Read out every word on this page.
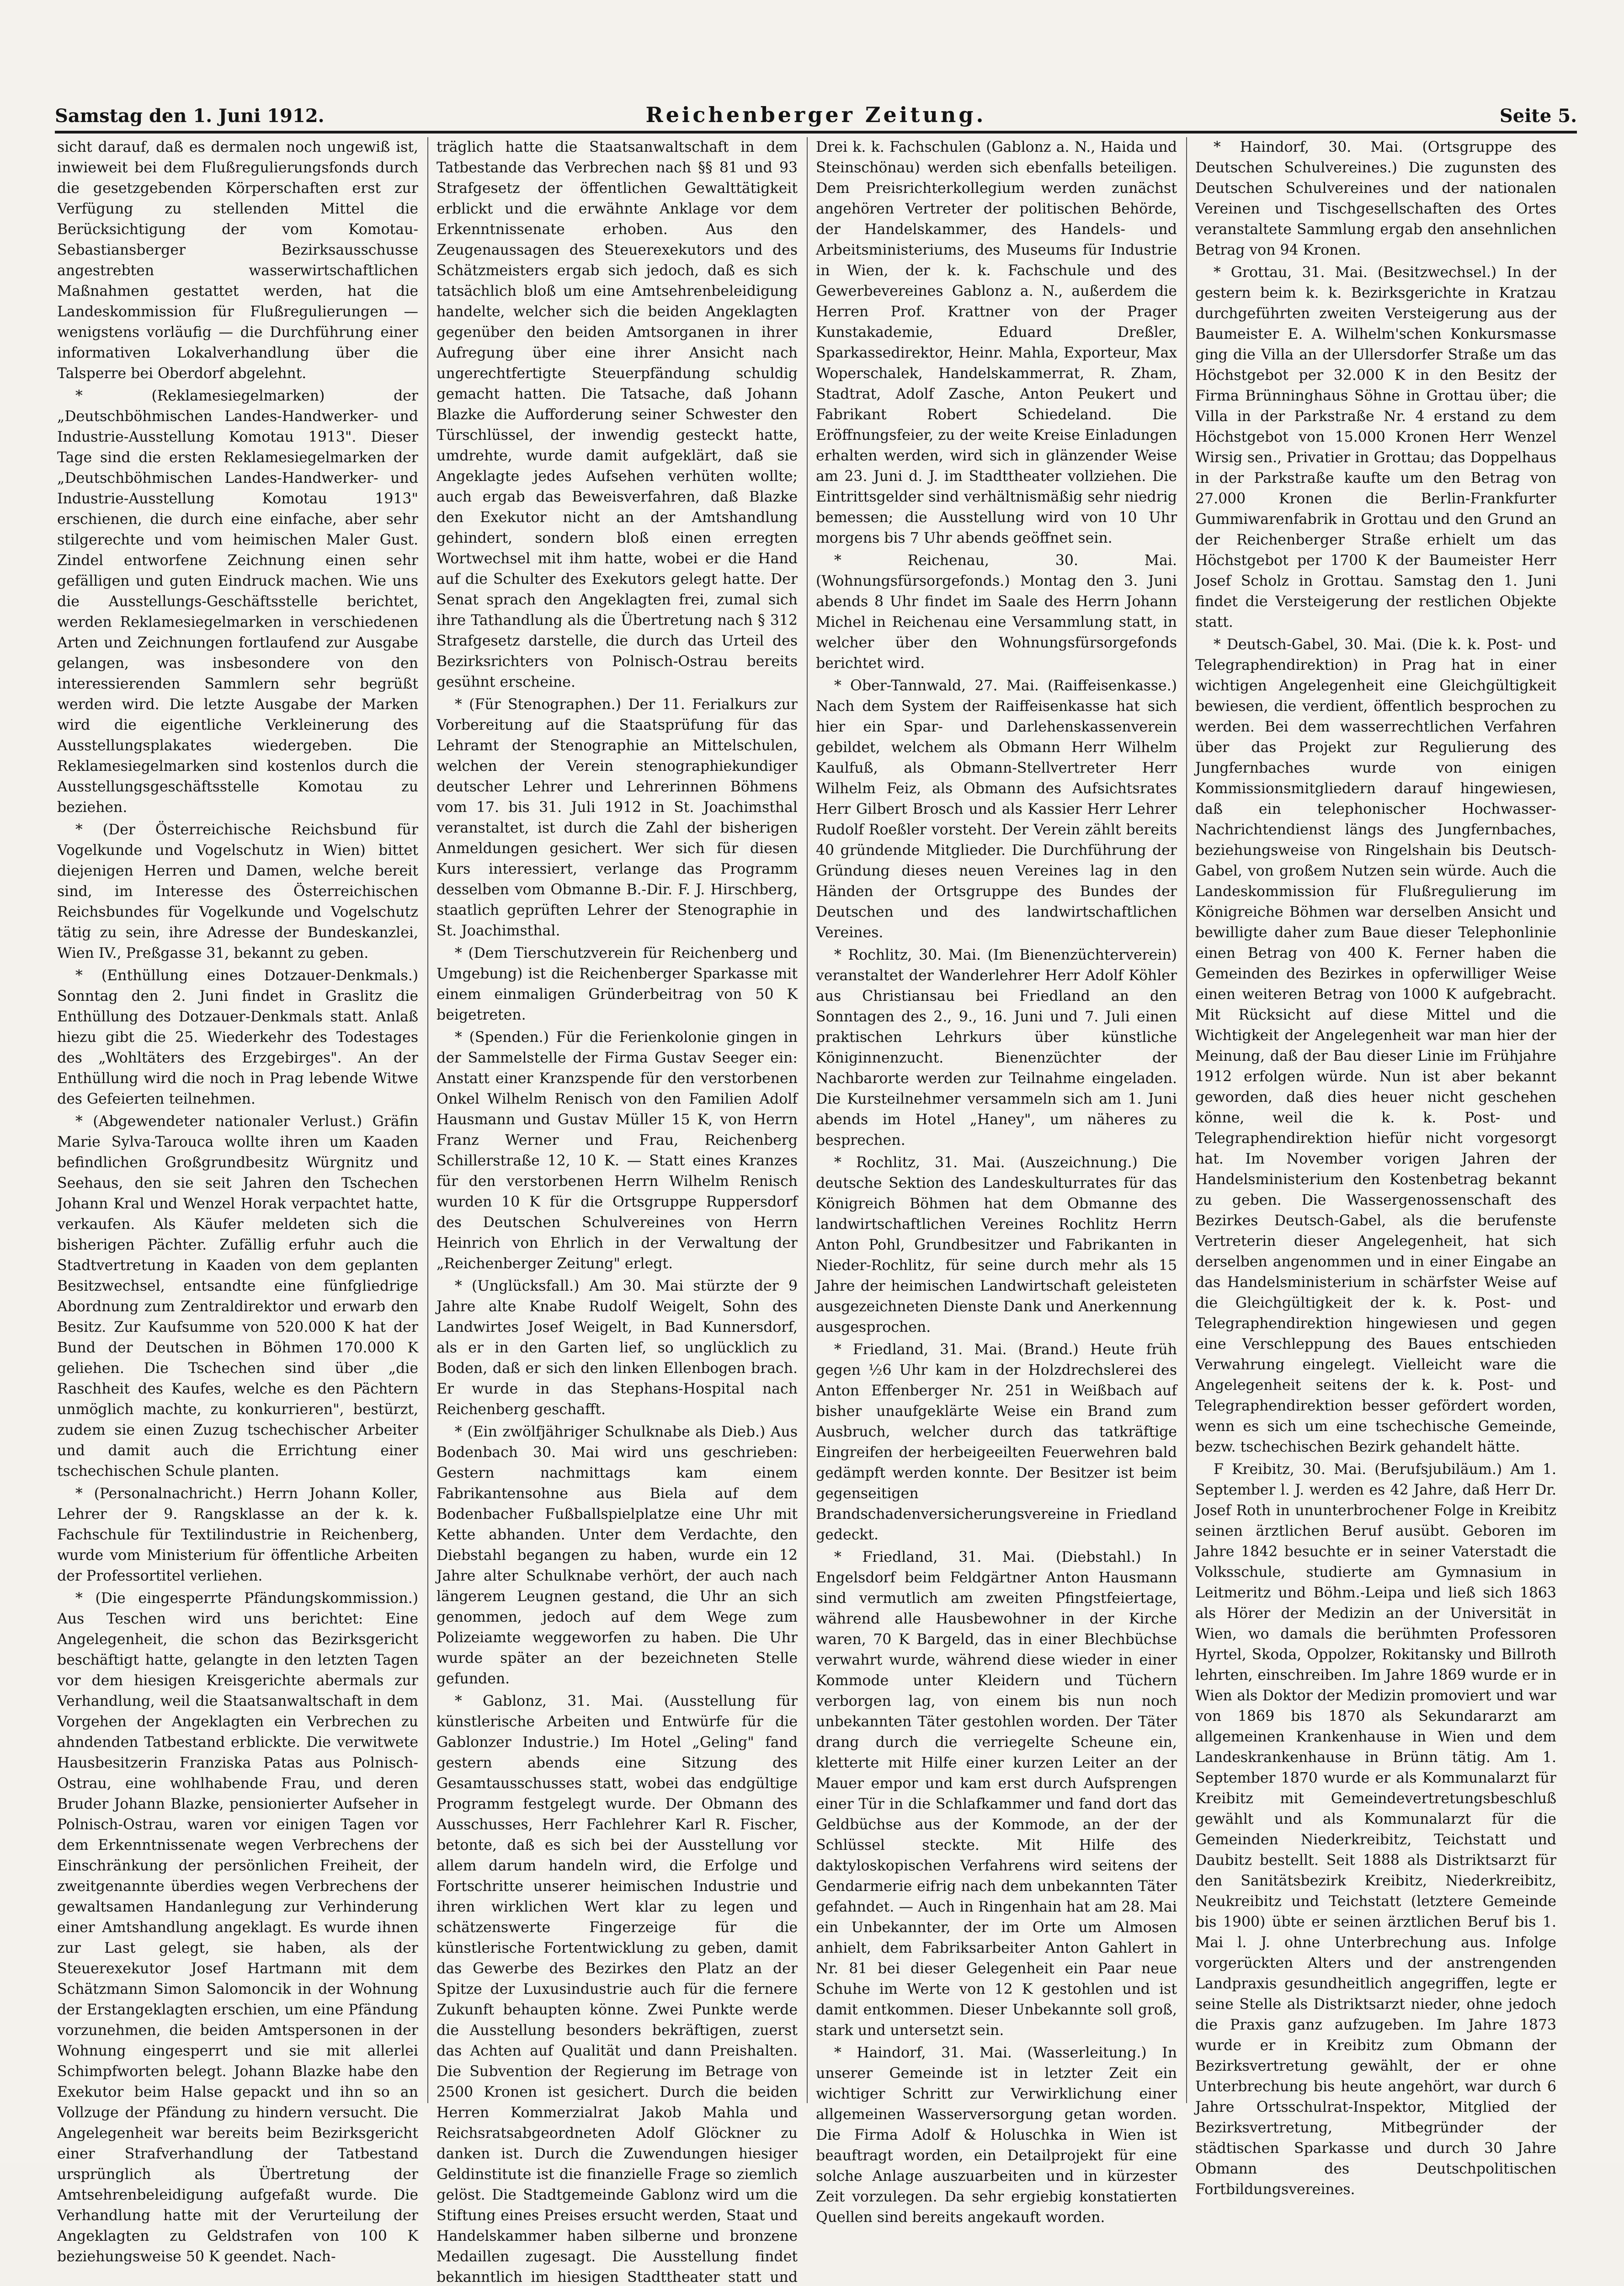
Samstag den 1. Juni 1912.	Reichenberger Zeitung.	Seite 5.

sicht darauf, daß es dermalen noch ungewiß ist, inwieweit bei dem Flußregulierungsfonds durch die gesetzgebenden Körperschaften erst zur Verfügung zu stellenden Mittel die Berücksichtigung der vom Komotau-Sebastiansberger Bezirksausschusse angestrebten wasserwirtschaftlichen Maßnahmen gestattet werden, hat die Landeskommission für Flußregulierungen — wenigstens vorläufig — die Durchführung einer informativen Lokalverhandlung über die Talsperre bei Oberdorf abgelehnt.

* (Reklamesiegelmarken) der „Deutschböhmischen Landes-Handwerker- und Industrie-Ausstellung Komotau 1913". Dieser Tage sind die ersten Reklamesiegelmarken der „Deutschböhmischen Landes-Handwerker- und Industrie-Ausstellung Komotau 1913" erschienen, die durch eine einfache, aber sehr stilgerechte und vom heimischen Maler Gust. Zindel entworfene Zeichnung einen sehr gefälligen und guten Eindruck machen. Wie uns die Ausstellungs-Geschäftsstelle berichtet, werden Reklamesiegelmarken in verschiedenen Arten und Zeichnungen fortlaufend zur Ausgabe gelangen, was insbesondere von den interessierenden Sammlern sehr begrüßt werden wird. Die letzte Ausgabe der Marken wird die eigentliche Verkleinerung des Ausstellungsplakates wiedergeben. Die Reklamesiegelmarken sind kostenlos durch die Ausstellungsgeschäftsstelle Komotau zu beziehen.

* (Der Österreichische Reichsbund für Vogelkunde und Vogelschutz in Wien) bittet diejenigen Herren und Damen, welche bereit sind, im Interesse des Österreichischen Reichsbundes für Vogelkunde und Vogelschutz tätig zu sein, ihre Adresse der Bundeskanzlei, Wien IV., Preßgasse 31, bekannt zu geben.

* (Enthüllung eines Dotzauer-Denkmals.) Sonntag den 2. Juni findet in Graslitz die Enthüllung des Dotzauer-Denkmals statt. Anlaß hiezu gibt die 25. Wiederkehr des Todestages des „Wohltäters des Erzgebirges". An der Enthüllung wird die noch in Prag lebende Witwe des Gefeierten teilnehmen.

* (Abgewendeter nationaler Verlust.) Gräfin Marie Sylva-Tarouca wollte ihren um Kaaden befindlichen Großgrundbesitz Würgnitz und Seehaus, den sie seit Jahren den Tschechen Johann Kral und Wenzel Horak verpachtet hatte, verkaufen. Als Käufer meldeten sich die bisherigen Pächter. Zufällig erfuhr auch die Stadtvertretung in Kaaden von dem geplanten Besitzwechsel, entsandte eine fünfgliedrige Abordnung zum Zentraldirektor und erwarb den Besitz. Zur Kaufsumme von 520.000 K hat der Bund der Deutschen in Böhmen 170.000 K geliehen. Die Tschechen sind über „die Raschheit des Kaufes, welche es den Pächtern unmöglich machte, zu konkurrieren", bestürzt, zudem sie einen Zuzug tschechischer Arbeiter und damit auch die Errichtung einer tschechischen Schule planten.

* (Personalnachricht.) Herrn Johann Koller, Lehrer der 9. Rangsklasse an der k. k. Fachschule für Textilindustrie in Reichenberg, wurde vom Ministerium für öffentliche Arbeiten der Professortitel verliehen.

* (Die eingesperrte Pfändungskommission.) Aus Teschen wird uns berichtet: Eine Angelegenheit, die schon das Bezirksgericht beschäftigt hatte, gelangte in den letzten Tagen vor dem hiesigen Kreisgerichte abermals zur Verhandlung, weil die Staatsanwaltschaft in dem Vorgehen der Angeklagten ein Verbrechen zu ahndenden Tatbestand erblickte. Die verwitwete Hausbesitzerin Franziska Patas aus Polnisch-Ostrau, eine wohlhabende Frau, und deren Bruder Johann Blazke, pensionierter Aufseher in Polnisch-Ostrau, waren vor einigen Tagen vor dem Erkenntnissenate wegen Verbrechens der Einschränkung der persönlichen Freiheit, der zweitgenannte überdies wegen Verbrechens der gewaltsamen Handanlegung zur Verhinderung einer Amtshandlung angeklagt. Es wurde ihnen zur Last gelegt, sie haben, als der Steuerexekutor Josef Hartmann mit dem Schätzmann Simon Salomoncik in der Wohnung der Erstangeklagten erschien, um eine Pfändung vorzunehmen, die beiden Amtspersonen in der Wohnung eingesperrt und sie mit allerlei Schimpfworten belegt. Johann Blazke habe den Exekutor beim Halse gepackt und ihn so an Vollzuge der Pfändung zu hindern versucht. Die Angelegenheit war bereits beim Bezirksgericht einer Strafverhandlung der Tatbestand ursprünglich als Übertretung der Amtsehrenbeleidigung aufgefaßt wurde. Die Verhandlung hatte mit der Verurteilung der Angeklagten zu Geldstrafen von 100 K beziehungsweise 50 K geendet. Nach-

träglich hatte die Staatsanwaltschaft in dem Tatbestande das Verbrechen nach §§ 81 und 93 Strafgesetz der öffentlichen Gewalttätigkeit erblickt und die erwähnte Anklage vor dem Erkenntnissenate erhoben. Aus den Zeugenaussagen des Steuerexekutors und des Schätzmeisters ergab sich jedoch, daß es sich tatsächlich bloß um eine Amtsehrenbeleidigung handelte, welcher sich die beiden Angeklagten gegenüber den beiden Amtsorganen in ihrer Aufregung über eine ihrer Ansicht nach ungerechtfertigte Steuerpfändung schuldig gemacht hatten. Die Tatsache, daß Johann Blazke die Aufforderung seiner Schwester den Türschlüssel, der inwendig gesteckt hatte, umdrehte, wurde damit aufgeklärt, daß sie Angeklagte jedes Aufsehen verhüten wollte; auch ergab das Beweisverfahren, daß Blazke den Exekutor nicht an der Amtshandlung gehindert, sondern bloß einen erregten Wortwechsel mit ihm hatte, wobei er die Hand auf die Schulter des Exekutors gelegt hatte. Der Senat sprach den Angeklagten frei, zumal sich ihre Tathandlung als die Übertretung nach § 312 Strafgesetz darstelle, die durch das Urteil des Bezirksrichters von Polnisch-Ostrau bereits gesühnt erscheine.

* (Für Stenographen.) Der 11. Ferialkurs zur Vorbereitung auf die Staatsprüfung für das Lehramt der Stenographie an Mittelschulen, welchen der Verein stenographiekundiger deutscher Lehrer und Lehrerinnen Böhmens vom 17. bis 31. Juli 1912 in St. Joachimsthal veranstaltet, ist durch die Zahl der bisherigen Anmeldungen gesichert. Wer sich für diesen Kurs interessiert, verlange das Programm desselben vom Obmanne B.-Dir. F. J. Hirschberg, staatlich geprüften Lehrer der Stenographie in St. Joachimsthal.

* (Dem Tierschutzverein für Reichenberg und Umgebung) ist die Reichenberger Sparkasse mit einem einmaligen Gründerbeitrag von 50 K beigetreten.

* (Spenden.) Für die Ferienkolonie gingen in der Sammelstelle der Firma Gustav Seeger ein: Anstatt einer Kranzspende für den verstorbenen Onkel Wilhelm Renisch von den Familien Adolf Hausmann und Gustav Müller 15 K, von Herrn Franz Werner und Frau, Reichenberg Schillerstraße 12, 10 K. — Statt eines Kranzes für den verstorbenen Herrn Wilhelm Renisch wurden 10 K für die Ortsgruppe Ruppersdorf des Deutschen Schulvereines von Herrn Heinrich von Ehrlich in der Verwaltung der „Reichenberger Zeitung" erlegt.

* (Unglücksfall.) Am 30. Mai stürzte der 9 Jahre alte Knabe Rudolf Weigelt, Sohn des Landwirtes Josef Weigelt, in Bad Kunnersdorf, als er in den Garten lief, so unglücklich zu Boden, daß er sich den linken Ellenbogen brach. Er wurde in das Stephans-Hospital nach Reichenberg geschafft.

* (Ein zwölfjähriger Schulknabe als Dieb.) Aus Bodenbach 30. Mai wird uns geschrieben: Gestern nachmittags kam einem Fabrikantensohne aus Biela auf dem Bodenbacher Fußballspielplatze eine Uhr mit Kette abhanden. Unter dem Verdachte, den Diebstahl begangen zu haben, wurde ein 12 Jahre alter Schulknabe verhört, der auch nach längerem Leugnen gestand, die Uhr an sich genommen, jedoch auf dem Wege zum Polizeiamte weggeworfen zu haben. Die Uhr wurde später an der bezeichneten Stelle gefunden.

* Gablonz, 31. Mai. (Ausstellung für künstlerische Arbeiten und Entwürfe für die Gablonzer Industrie.) Im Hotel „Geling" fand gestern abends eine Sitzung des Gesamtausschusses statt, wobei das endgültige Programm festgelegt wurde. Der Obmann des Ausschusses, Herr Fachlehrer Karl R. Fischer, betonte, daß es sich bei der Ausstellung vor allem darum handeln wird, die Erfolge und Fortschritte unserer heimischen Industrie und ihren wirklichen Wert klar zu legen und schätzenswerte Fingerzeige für die künstlerische Fortentwicklung zu geben, damit das Gewerbe des Bezirkes den Platz an der Spitze der Luxusindustrie auch für die fernere Zukunft behaupten könne. Zwei Punkte werde die Ausstellung besonders bekräftigen, zuerst das Achten auf Qualität und dann Preishalten. Die Subvention der Regierung im Betrage von 2500 Kronen ist gesichert. Durch die beiden Herren Kommerzialrat Jakob Mahla und Reichsratsabgeordneten Adolf Glöckner zu danken ist. Durch die Zuwendungen hiesiger Geldinstitute ist die finanzielle Frage so ziemlich gelöst. Die Stadtgemeinde Gablonz wird um die Stiftung eines Preises ersucht werden, Staat und Handelskammer haben silberne und bronzene Medaillen zugesagt. Die Ausstellung findet bekanntlich im hiesigen Stadttheater statt und

Drei k. k. Fachschulen (Gablonz a. N., Haida und Steinschönau) werden sich ebenfalls beteiligen. Dem Preisrichterkollegium werden zunächst angehören Vertreter der politischen Behörde, der Handelskammer, des Handels- und Arbeitsministeriums, des Museums für Industrie in Wien, der k. k. Fachschule und des Gewerbevereines Gablonz a. N., außerdem die Herren Prof. Krattner von der Prager Kunstakademie, Eduard Dreßler, Sparkassedirektor, Heinr. Mahla, Exporteur, Max Woperschalek, Handelskammerrat, R. Zham, Stadtrat, Adolf Zasche, Anton Peukert und Fabrikant Robert Schiedeland. Die Eröffnungsfeier, zu der weite Kreise Einladungen erhalten werden, wird sich in glänzender Weise am 23. Juni d. J. im Stadttheater vollziehen. Die Eintrittsgelder sind verhältnismäßig sehr niedrig bemessen; die Ausstellung wird von 10 Uhr morgens bis 7 Uhr abends geöffnet sein.

* Reichenau, 30. Mai. (Wohnungsfürsorgefonds.) Montag den 3. Juni abends 8 Uhr findet im Saale des Herrn Johann Michel in Reichenau eine Versammlung statt, in welcher über den Wohnungsfürsorgefonds berichtet wird.

* Ober-Tannwald, 27. Mai. (Raiffeisenkasse.) Nach dem System der Raiffeisenkasse hat sich hier ein Spar- und Darlehenskassenverein gebildet, welchem als Obmann Herr Wilhelm Kaulfuß, als Obmann-Stellvertreter Herr Wilhelm Feiz, als Obmann des Aufsichtsrates Herr Gilbert Brosch und als Kassier Herr Lehrer Rudolf Roeßler vorsteht. Der Verein zählt bereits 40 gründende Mitglieder. Die Durchführung der Gründung dieses neuen Vereines lag in den Händen der Ortsgruppe des Bundes der Deutschen und des landwirtschaftlichen Vereines.

* Rochlitz, 30. Mai. (Im Bienenzüchterverein) veranstaltet der Wanderlehrer Herr Adolf Köhler aus Christiansau bei Friedland an den Sonntagen des 2., 9., 16. Juni und 7. Juli einen praktischen Lehrkurs über künstliche Königinnenzucht. Bienenzüchter der Nachbarorte werden zur Teilnahme eingeladen. Die Kursteilnehmer versammeln sich am 1. Juni abends im Hotel „Haney", um näheres zu besprechen.

* Rochlitz, 31. Mai. (Auszeichnung.) Die deutsche Sektion des Landeskulturrates für das Königreich Böhmen hat dem Obmanne des landwirtschaftlichen Vereines Rochlitz Herrn Anton Pohl, Grundbesitzer und Fabrikanten in Nieder-Rochlitz, für seine durch mehr als 15 Jahre der heimischen Landwirtschaft geleisteten ausgezeichneten Dienste Dank und Anerkennung ausgesprochen.

* Friedland, 31. Mai. (Brand.) Heute früh gegen ½6 Uhr kam in der Holzdrechslerei des Anton Effenberger Nr. 251 in Weißbach auf bisher unaufgeklärte Weise ein Brand zum Ausbruch, welcher durch das tatkräftige Eingreifen der herbeigeeilten Feuerwehren bald gedämpft werden konnte. Der Besitzer ist beim gegenseitigen Brandschadenversicherungsvereine in Friedland gedeckt.

* Friedland, 31. Mai. (Diebstahl.) In Engelsdorf beim Feldgärtner Anton Hausmann sind vermutlich am zweiten Pfingstfeiertage, während alle Hausbewohner in der Kirche waren, 70 K Bargeld, das in einer Blechbüchse verwahrt wurde, während diese wieder in einer Kommode unter Kleidern und Tüchern verborgen lag, von einem bis nun noch unbekannten Täter gestohlen worden. Der Täter drang durch die verriegelte Scheune ein, kletterte mit Hilfe einer kurzen Leiter an der Mauer empor und kam erst durch Aufsprengen einer Tür in die Schlafkammer und fand dort das Geldbüchse aus der Kommode, an der der Schlüssel steckte. Mit Hilfe des daktyloskopischen Verfahrens wird seitens der Gendarmerie eifrig nach dem unbekannten Täter gefahndet. — Auch in Ringenhain hat am 28. Mai ein Unbekannter, der im Orte um Almosen anhielt, dem Fabriksarbeiter Anton Gahlert in Nr. 81 bei dieser Gelegenheit ein Paar neue Schuhe im Werte von 12 K gestohlen und ist damit entkommen. Dieser Unbekannte soll groß, stark und untersetzt sein.

* Haindorf, 31. Mai. (Wasserleitung.) In unserer Gemeinde ist in letzter Zeit ein wichtiger Schritt zur Verwirklichung einer allgemeinen Wasserversorgung getan worden. Die Firma Adolf & Holuschka in Wien ist beauftragt worden, ein Detailprojekt für eine solche Anlage auszuarbeiten und in kürzester Zeit vorzulegen. Da sehr ergiebig konstatierten Quellen sind bereits angekauft worden.

* Haindorf, 30. Mai. (Ortsgruppe des Deutschen Schulvereines.) Die zugunsten des Deutschen Schulvereines und der nationalen Vereinen und Tischgesellschaften des Ortes veranstaltete Sammlung ergab den ansehnlichen Betrag von 94 Kronen.

* Grottau, 31. Mai. (Besitzwechsel.) In der gestern beim k. k. Bezirksgerichte in Kratzau durchgeführten zweiten Versteigerung aus der Baumeister E. A. Wilhelm'schen Konkursmasse ging die Villa an der Ullersdorfer Straße um das Höchstgebot per 32.000 K in den Besitz der Firma Brünninghaus Söhne in Grottau über; die Villa in der Parkstraße Nr. 4 erstand zu dem Höchstgebot von 15.000 Kronen Herr Wenzel Wirsig sen., Privatier in Grottau; das Doppelhaus in der Parkstraße kaufte um den Betrag von 27.000 Kronen die Berlin-Frankfurter Gummiwarenfabrik in Grottau und den Grund an der Reichenberger Straße erhielt um das Höchstgebot per 1700 K der Baumeister Herr Josef Scholz in Grottau. Samstag den 1. Juni findet die Versteigerung der restlichen Objekte statt.

* Deutsch-Gabel, 30. Mai. (Die k. k. Post- und Telegraphendirektion) in Prag hat in einer wichtigen Angelegenheit eine Gleichgültigkeit bewiesen, die verdient, öffentlich besprochen zu werden. Bei dem wasserrechtlichen Verfahren über das Projekt zur Regulierung des Jungfernbaches wurde von einigen Kommissionsmitgliedern darauf hingewiesen, daß ein telephonischer Hochwasser-Nachrichtendienst längs des Jungfernbaches, beziehungsweise von Ringelshain bis Deutsch-Gabel, von großem Nutzen sein würde. Auch die Landeskommission für Flußregulierung im Königreiche Böhmen war derselben Ansicht und bewilligte daher zum Baue dieser Telephonlinie einen Betrag von 400 K. Ferner haben die Gemeinden des Bezirkes in opferwilliger Weise einen weiteren Betrag von 1000 K aufgebracht. Mit Rücksicht auf diese Mittel und die Wichtigkeit der Angelegenheit war man hier der Meinung, daß der Bau dieser Linie im Frühjahre 1912 erfolgen würde. Nun ist aber bekannt geworden, daß dies heuer nicht geschehen könne, weil die k. k. Post- und Telegraphendirektion hiefür nicht vorgesorgt hat. Im November vorigen Jahren der Handelsministerium den Kostenbetrag bekannt zu geben. Die Wassergenossenschaft des Bezirkes Deutsch-Gabel, als die berufenste Vertreterin dieser Angelegenheit, hat sich derselben angenommen und in einer Eingabe an das Handelsministerium in schärfster Weise auf die Gleichgültigkeit der k. k. Post- und Telegraphendirektion hingewiesen und gegen eine Verschleppung des Baues entschieden Verwahrung eingelegt. Vielleicht ware die Angelegenheit seitens der k. k. Post- und Telegraphendirektion besser gefördert worden, wenn es sich um eine tschechische Gemeinde, bezw. tschechischen Bezirk gehandelt hätte.

F Kreibitz, 30. Mai. (Berufsjubiläum.) Am 1. September l. J. werden es 42 Jahre, daß Herr Dr. Josef Roth in ununterbrochener Folge in Kreibitz seinen ärztlichen Beruf ausübt. Geboren im Jahre 1842 besuchte er in seiner Vaterstadt die Volksschule, studierte am Gymnasium in Leitmeritz und Böhm.-Leipa und ließ sich 1863 als Hörer der Medizin an der Universität in Wien, wo damals die berühmten Professoren Hyrtel, Skoda, Oppolzer, Rokitansky und Billroth lehrten, einschreiben. Im Jahre 1869 wurde er in Wien als Doktor der Medizin promoviert und war von 1869 bis 1870 als Sekundararzt am allgemeinen Krankenhause in Wien und dem Landeskrankenhause in Brünn tätig. Am 1. September 1870 wurde er als Kommunalarzt für Kreibitz mit Gemeindevertretungsbeschluß gewählt und als Kommunalarzt für die Gemeinden Niederkreibitz, Teichstatt und Daubitz bestellt. Seit 1888 als Distriktsarzt für den Sanitätsbezirk Kreibitz, Niederkreibitz, Neukreibitz und Teichstatt (letztere Gemeinde bis 1900) übte er seinen ärztlichen Beruf bis 1. Mai l. J. ohne Unterbrechung aus. Infolge vorgerückten Alters und der anstrengenden Landpraxis gesundheitlich angegriffen, legte er seine Stelle als Distriktsarzt nieder, ohne jedoch die Praxis ganz aufzugeben. Im Jahre 1873 wurde er in Kreibitz zum Obmann der Bezirksvertretung gewählt, der er ohne Unterbrechung bis heute angehört, war durch 6 Jahre Ortsschulrat-Inspektor, Mitglied der Bezirksvertretung, Mitbegründer der städtischen Sparkasse und durch 30 Jahre Obmann des Deutschpolitischen Fortbildungsvereines.
